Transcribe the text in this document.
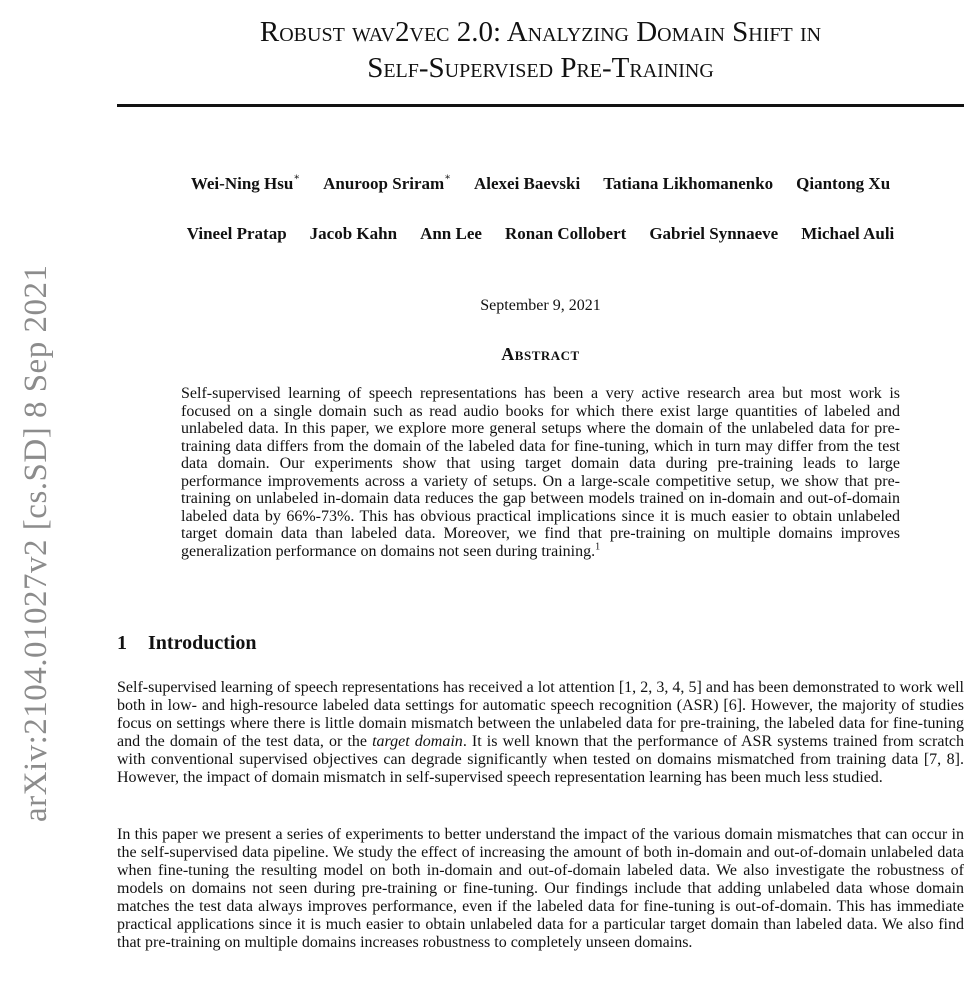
arXiv:2104.01027v2 [cs.SD] 8 Sep 2021
Robust wav2vec 2.0: Analyzing Domain Shift in
Self-Supervised Pre-Training
Wei-Ning Hsu∗ Anuroop Sriram∗ Alexei Baevski Tatiana Likhomanenko Qiantong Xu
Vineel Pratap Jacob Kahn Ann Lee Ronan Collobert Gabriel Synnaeve Michael Auli
September 9, 2021
Abstract
Self-supervised learning of speech representations has been a very active research area but most work is focused on a single domain such as read audio books for which there exist large quantities of labeled and unlabeled data. In this paper, we explore more general setups where the domain of the unlabeled data for pre-training data differs from the domain of the labeled data for fine-tuning, which in turn may differ from the test data domain. Our experiments show that using target domain data during pre-training leads to large performance improvements across a variety of setups. On a large-scale competitive setup, we show that pre-training on unlabeled in-domain data reduces the gap between models trained on in-domain and out-of-domain labeled data by 66%-73%. This has obvious practical implications since it is much easier to obtain unlabeled target domain data than labeled data. Moreover, we find that pre-training on multiple domains improves generalization performance on domains not seen during training.$^1$
1 Introduction
Self-supervised learning of speech representations has received a lot attention [1, 2, 3, 4, 5] and has been demonstrated to work well both in low- and high-resource labeled data settings for automatic speech recognition (ASR) [6]. However, the majority of studies focus on settings where there is little domain mismatch between the unlabeled data for pre-training, the labeled data for fine-tuning and the domain of the test data, or the target domain. It is well known that the performance of ASR systems trained from scratch with conventional supervised objectives can degrade significantly when tested on domains mismatched from training data [7, 8]. However, the impact of domain mismatch in self-supervised speech representation learning has been much less studied.
In this paper we present a series of experiments to better understand the impact of the various domain mismatches that can occur in the self-supervised data pipeline. We study the effect of increasing the amount of both in-domain and out-of-domain unlabeled data when fine-tuning the resulting model on both in-domain and out-of-domain labeled data. We also investigate the robustness of models on domains not seen during pre-training or fine-tuning. Our findings include that adding unlabeled data whose domain matches the test data always improves performance, even if the labeled data for fine-tuning is out-of-domain. This has immediate practical applications since it is much easier to obtain unlabeled data for a particular target domain than labeled data. We also find that pre-training on multiple domains increases robustness to completely unseen domains.
